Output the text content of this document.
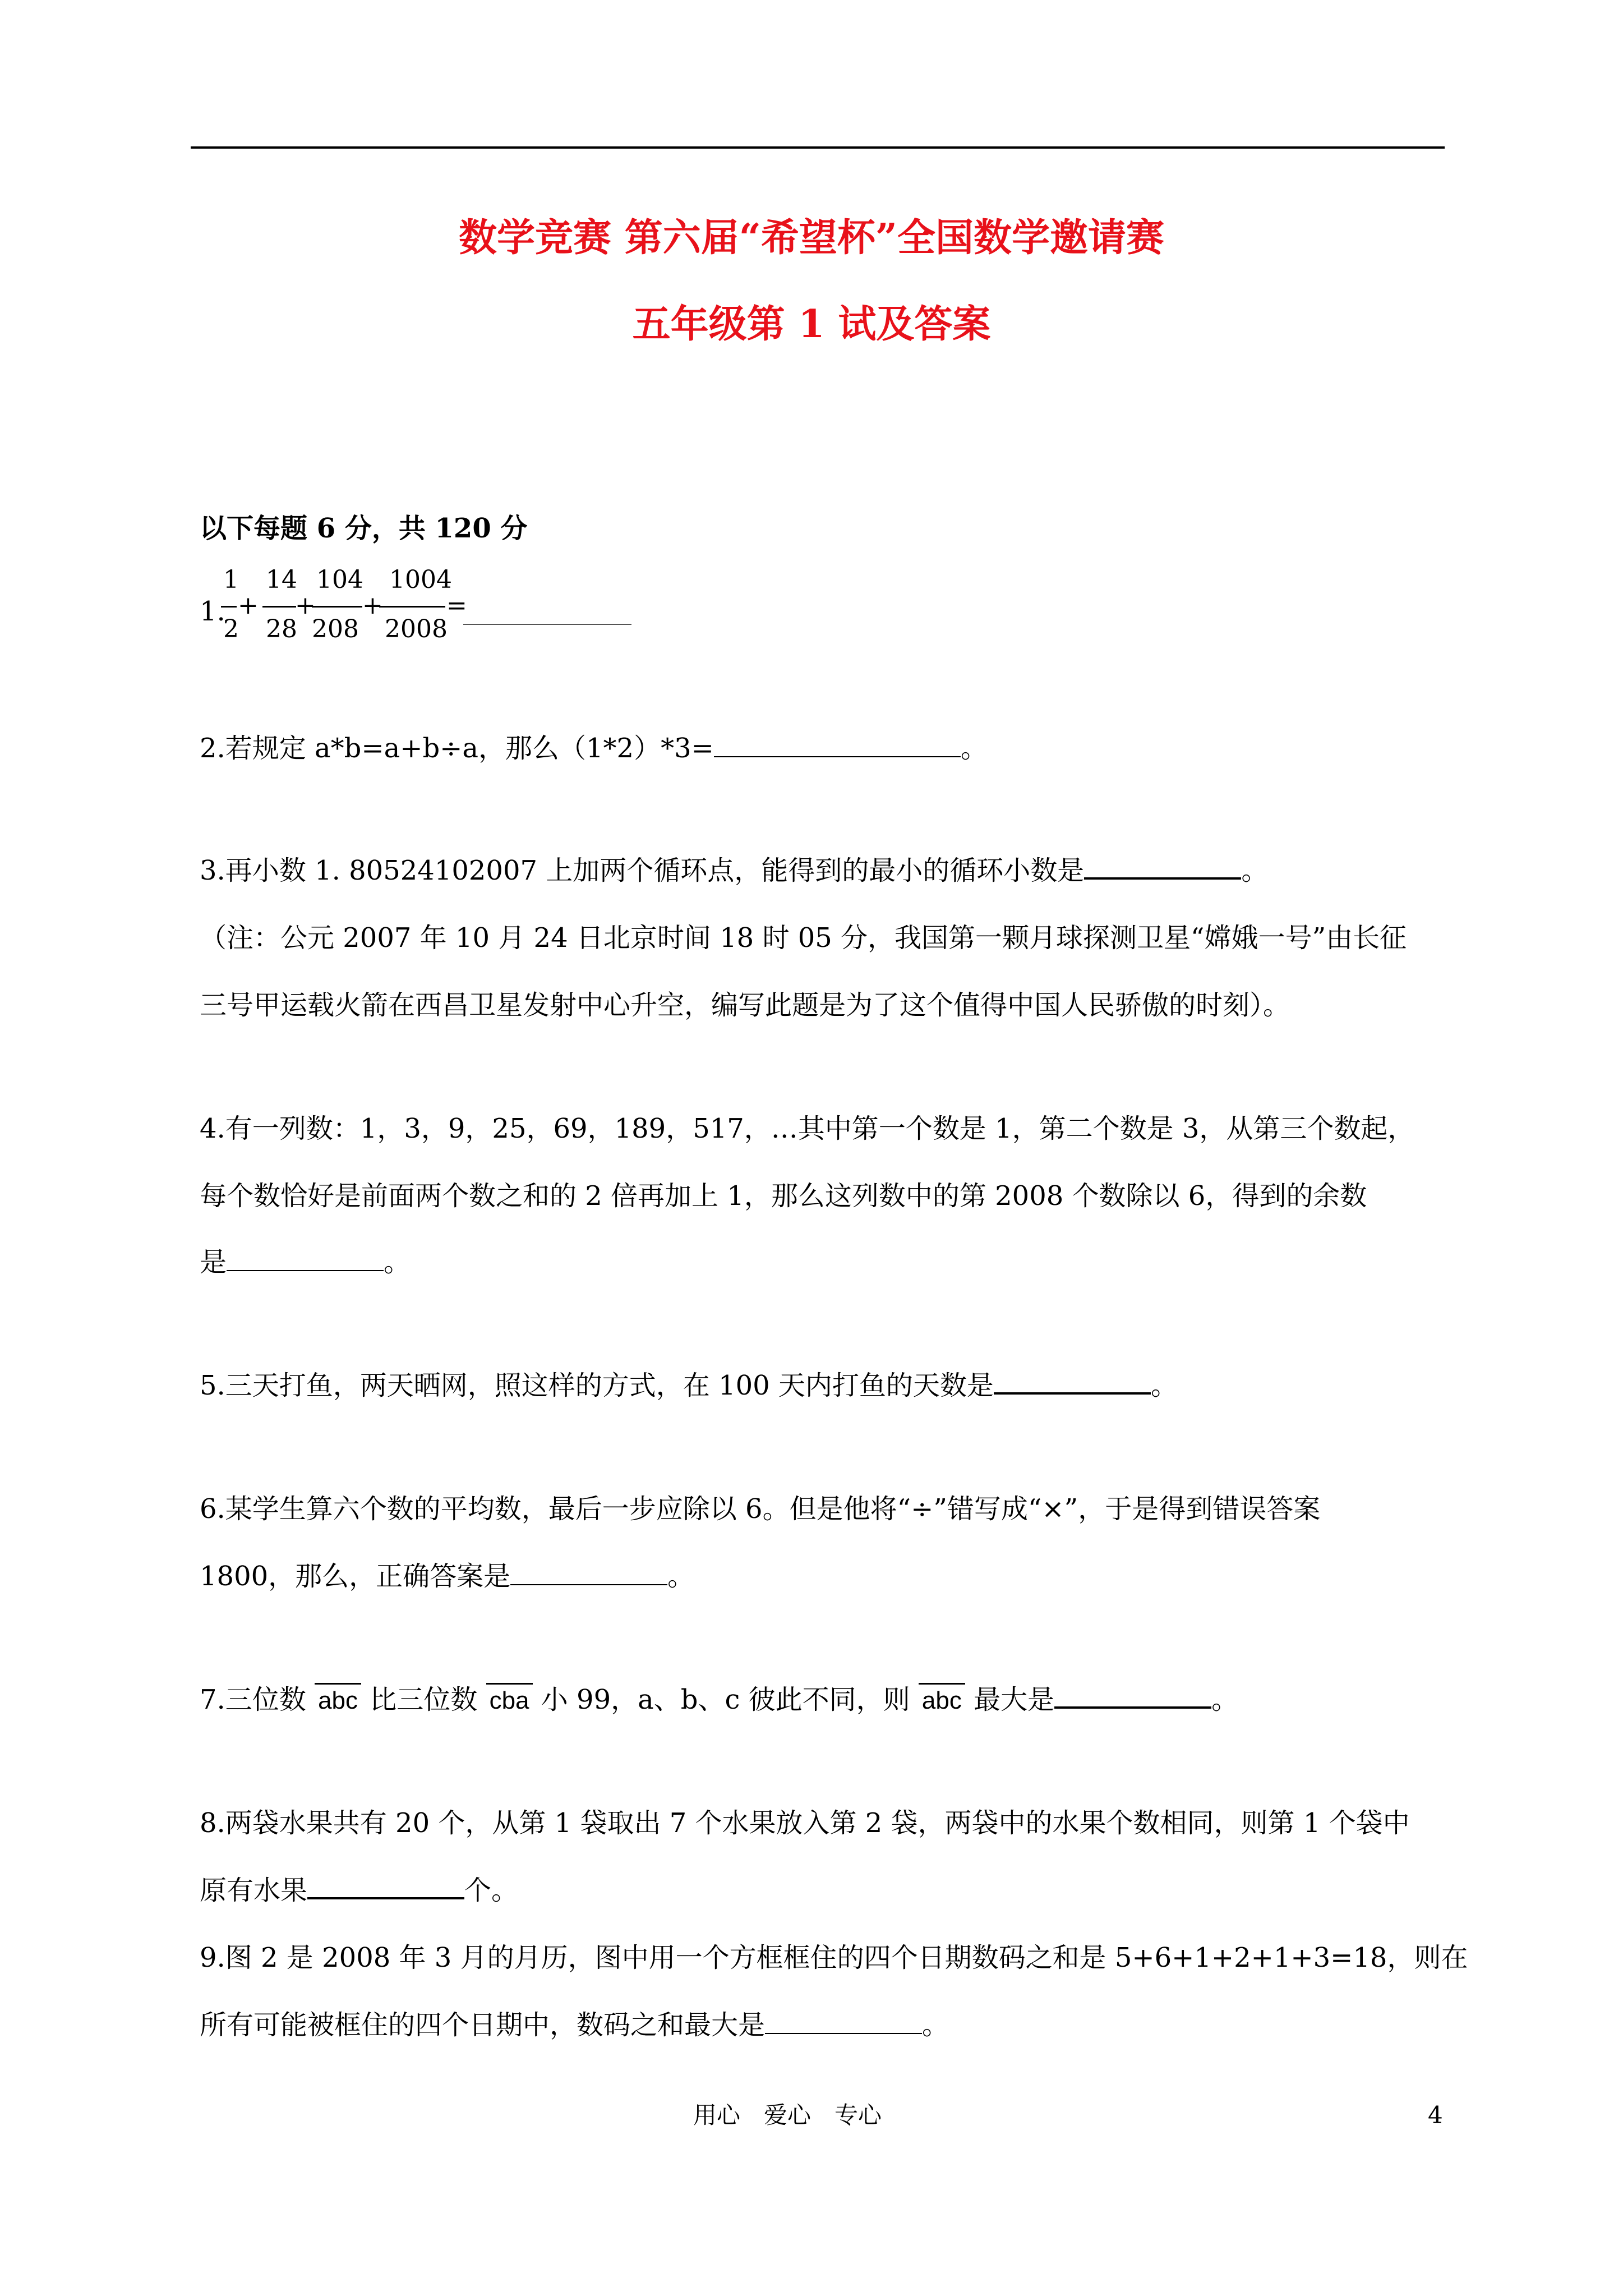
数学竞赛 第六届“希望杯”全国数学邀请赛
五年级第 1 试及答案
以下每题 6 分，共 120 分
1.
1
2
+
14
28
+
104
208
+
1004
2008
=
2.若规定 a*b=a+b÷a，那么（1*2）*3=	。
3.再小数 1. 80524102007 上加两个循环点，能得到的最小的循环小数是	。
（注：公元 2007 年 10 月 24 日北京时间 18 时 05 分，我国第一颗月球探测卫星“嫦娥一号”由长征
三号甲运载火箭在西昌卫星发射中心升空，编写此题是为了这个值得中国人民骄傲的时刻）。
4.有一列数：1，3，9，25，69，189，517，…其中第一个数是 1，第二个数是 3，从第三个数起，
每个数恰好是前面两个数之和的 2 倍再加上 1，那么这列数中的第 2008 个数除以 6，得到的余数
是	。
5.三天打鱼，两天晒网，照这样的方式，在 100 天内打鱼的天数是	。
6.某学生算六个数的平均数，最后一步应除以 6。但是他将“÷”错写成“×”，于是得到错误答案
1800，那么，正确答案是	。
7.三位数 abc 比三位数 cba 小 99，a、b、c 彼此不同，则 abc 最大是	。
8.两袋水果共有 20 个，从第 1 袋取出 7 个水果放入第 2 袋，两袋中的水果个数相同，则第 1 个袋中
原有水果	个。
9.图 2 是 2008 年 3 月的月历，图中用一个方框框住的四个日期数码之和是 5+6+1+2+1+3=18，则在
所有可能被框住的四个日期中，数码之和最大是	。
用心　爱心　专心	4
